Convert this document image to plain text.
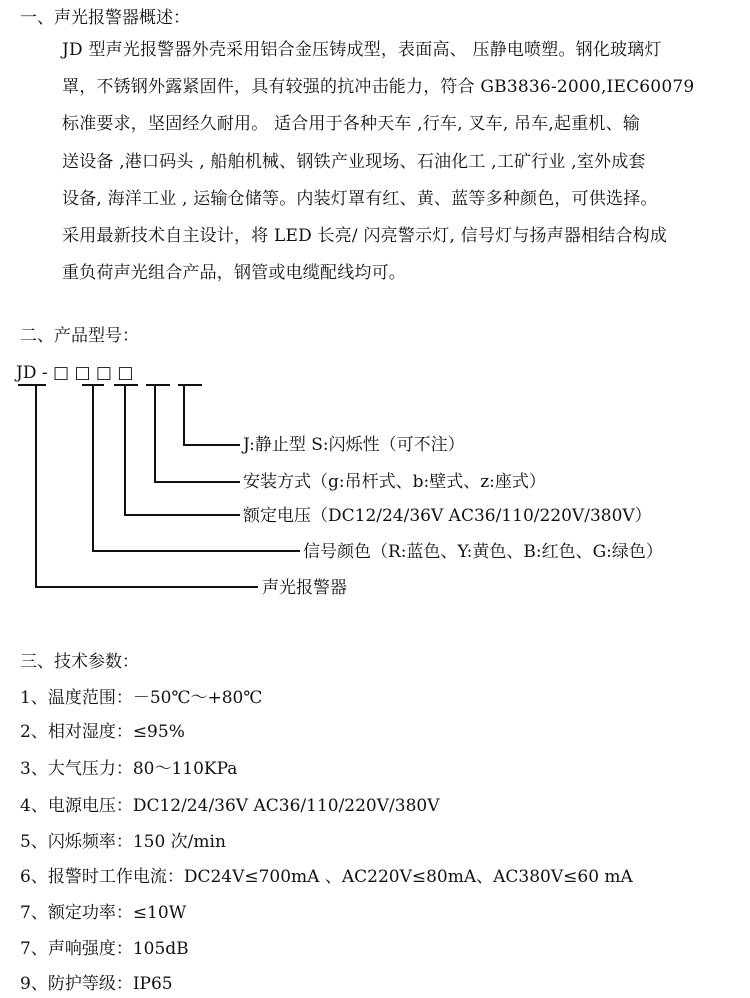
一、声光报警器概述：
JD 型声光报警器外壳采用铝合金压铸成型，表面高、 压静电喷塑。钢化玻璃灯
罩，不锈钢外露紧固件，具有较强的抗冲击能力，符合 GB3836-2000,IEC60079
标准要求，坚固经久耐用。 适合用于各种天车 ,行车, 叉车, 吊车,起重机、输
送设备 ,港口码头 , 船舶机械、钢铁产业现场、石油化工 ,工矿行业 ,室外成套
设备, 海洋工业 , 运输仓储等。内装灯罩有红、黄、蓝等多种颜色，可供选择。
采用最新技术自主设计，将 LED 长亮/ 闪亮警示灯, 信号灯与扬声器相结合构成
重负荷声光组合产品，钢管或电缆配线均可。
二、产品型号：
JD - □ □ □ □
J:静止型 S:闪烁性（可不注）
安装方式（g:吊杆式、b:壁式、z:座式）
额定电压（DC12/24/36V AC36/110/220V/380V）
信号颜色（R:蓝色、Y:黄色、B:红色、G:绿色）
声光报警器
三、技术参数：
1、温度范围：－50℃～+80℃
2、相对湿度：≤95%
3、大气压力：80～110KPa
4、电源电压：DC12/24/36V AC36/110/220V/380V
5、闪烁频率：150 次/min
6、报警时工作电流：DC24V≤700mA 、AC220V≤80mA、AC380V≤60 mA
7、额定功率：≤10W
7、声响强度：105dB
9、防护等级：IP65
